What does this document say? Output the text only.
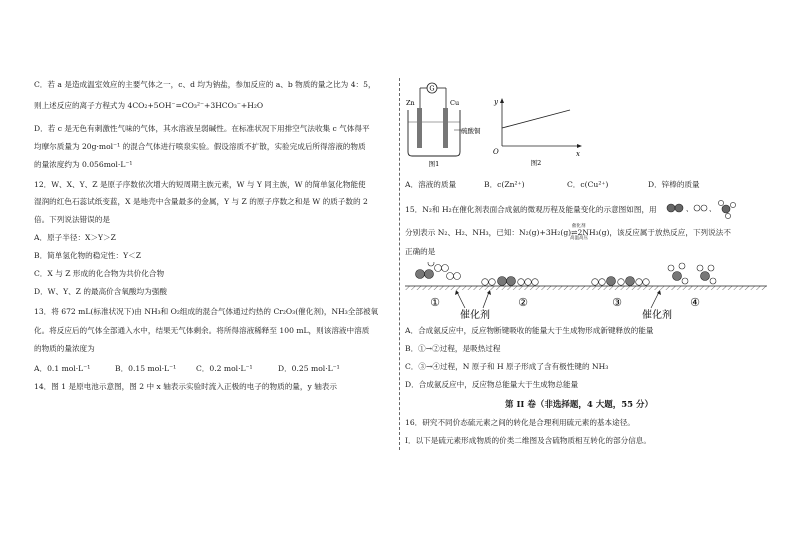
C．若 a 是造成温室效应的主要气体之一，c、d 均为钠盐，参加反应的 a、b 物质的量之比为 4：5，
则上述反应的离子方程式为 4CO₂+5OH⁻=CO₃²⁻+3HCO₃⁻+H₂O
D．若 c 是无色有刺激性气味的气体，其水溶液呈弱碱性。在标准状况下用排空气法收集 c 气体得平
均摩尔质量为 20g·mol⁻¹ 的混合气体进行喷泉实验。假设溶质不扩散，实验完成后所得溶液的物质
的量浓度约为 0.056mol·L⁻¹
12．W、X、Y、Z 是原子序数依次增大的短周期主族元素，W 与 Y 同主族，W 的简单氢化物能使
湿润的红色石蕊试纸变蓝，X 是地壳中含量最多的金属，Y 与 Z 的原子序数之和是 W 的质子数的 2
倍。下列说法错误的是
A．原子半径：X＞Y＞Z
B．简单氢化物的稳定性：Y＜Z
C．X 与 Z 形成的化合物为共价化合物
D．W、Y、Z 的最高价含氧酸均为强酸
13．将 672 mL(标准状况下)由 NH₃和 O₂组成的混合气体通过灼热的 Cr₂O₃(催化剂)，NH₃全部被氧
化。将反应后的气体全部通入水中，结果无气体剩余。将所得溶液稀释至 100 mL，则该溶液中溶质
的物质的量浓度为
A．0.1 mol·L⁻¹	B．0.15 mol·L⁻¹	C．0.2 mol·L⁻¹	D．0.25 mol·L⁻¹
14．图 1 是原电池示意图，图 2 中 x 轴表示实验时流入正极的电子的物质的量，y 轴表示
G
Zn	Cu
硫酸铜
图1
y
x
O
图2
A．溶液的质量	B．c(Zn²⁺)	C．c(Cu²⁺)	D．锌棒的质量
15．N₂和 H₂在催化剂表面合成氨的微观历程及能量变化的示意图如图，用	、 、
分别表示 N₂、H₂、NH₃，已知：N₂(g)+3H₂(g)⇌2NH₃(g)，该反应属于放热反应，下列说法不
催化剂
高温高压
正确的是
①	②	③	④
催化剂	催化剂
A．合成氨反应中，反应物断键吸收的能量大于生成物形成新键释放的能量
B．①→②过程，是吸热过程
C．③→④过程，N 原子和 H 原子形成了含有极性键的 NH₃
D．合成氨反应中，反应物总能量大于生成物总能量
第 II 卷（非选择题，4 大题，55 分）
16．研究不同价态硫元素之间的转化是合理利用硫元素的基本途径。
Ⅰ．以下是硫元素形成物质的价类二维图及含硫物质相互转化的部分信息。
